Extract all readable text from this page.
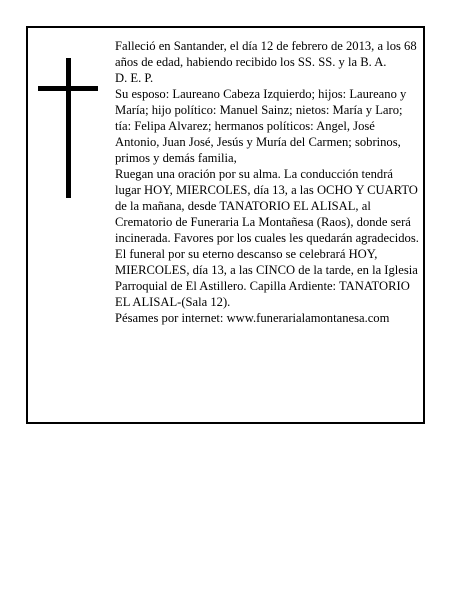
Falleció en Santander, el día 12 de febrero de 2013, a los 68 años de edad, habiendo recibido los SS. SS. y la B. A.

D. E. P.

Su esposo: Laureano Cabeza Izquierdo; hijos: Laureano y María; hijo político: Manuel Sainz; nietos: María y Laro; tía: Felipa Alvarez; hermanos políticos: Angel, José Antonio, Juan José, Jesús y Muría del Carmen; sobrinos, primos y demás familia,

Ruegan una oración por su alma. La conducción tendrá lugar HOY, MIERCOLES, día 13, a las OCHO Y CUARTO de la mañana, desde TANATORIO EL ALISAL, al Crematorio de Funeraria La Montañesa (Raos), donde será incinerada. Favores por los cuales les quedarán agradecidos. El funeral por su eterno descanso se celebrará HOY, MIERCOLES, día 13, a las CINCO de la tarde, en la Iglesia Parroquial de El Astillero. Capilla Ardiente: TANATORIO EL ALISAL-(Sala 12).

Pésames por internet: www.funerarialamontanesa.com
